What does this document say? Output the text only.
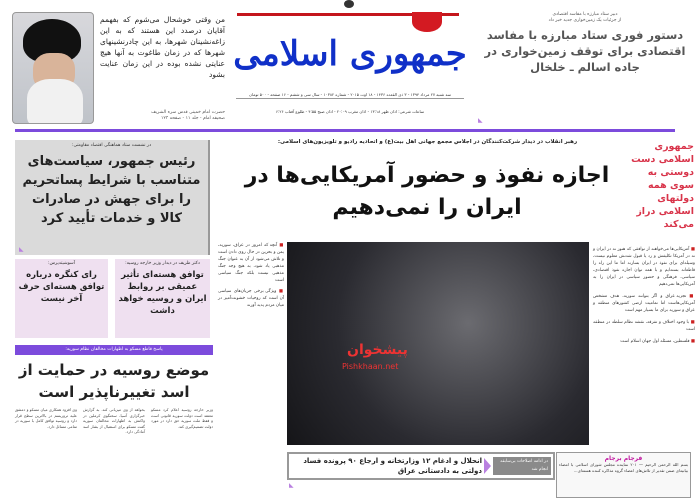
من وقتی خوشحال می‌شوم که بفهمم آقایان درصدد این هستند که به این زاغه‌نشینان شهرها، به این چادرنشینهای شهرها که در زمان طاغوت به آنها هیچ عنایتی نشده بوده در این زمان عنایت بشود
حضرت امام خمینی قدس سره الشریف
صحیفه امام - جلد ۱۱ - صفحه ۱۲۳
جمهوری اسلامی
سه شنبه ۲۷ مرداد ۱۳۹۴ - ۳ ذی القعده ۱۴۳۶ - ۱۸ اوت ۲۰۱۵ - شماره ۱۰۳۸۲ - سال سی و ششم - ۱۶ صفحه - ۵۰۰ تومان
ساعات شرعی: اذان ظهر ۱۳:۱۸ - اذان مغرب ۲۰:۰۹ - اذان صبح ۴:۵۵ - طلوع آفتاب ۶:۲۶
دبیر ستاد مبارزه با مفاسد اقتصادی
از جزئیات یک زمین‌خواری جدید خبر داد
دستور فوری ستاد مبارزه با مفاسد اقتصادی برای توقف زمین‌خواری در جاده اسالم ـ خلخال
در نشست ستاد هماهنگی اقتصاد مقاومتی:
رئیس جمهور، سیاست‌های متناسب با شرایط پساتحریم را برای جهش در صادرات کالا و خدمات تأیید کرد
دکتر ظریف در دیدار وزیر خارجه روسیه:
توافق هسته‌ای تأثیر عمیقی بر روابط ایران و روسیه خواهد داشت
آسوشیتدپرس:
رای کنگره درباره توافق هسته‌ای حرف آخر نیست
پاسخ قاطع مسکو به اظهارات مخالفان نظام سوریه:
موضع روسیه در حمایت از اسد تغییرناپذیر است
وزیر خارجه روسیه اعلام کرد مسکو معتقد است دولت سوریه قانونی است و فقط ملت سوریه حق دارد در مورد دولت تصمیم‌گیری کند.
بخواهد از وی میزبانی کند. به گزارش خبرگزاری آسیا، سخنگوی کرملین در واکنش به اظهارات مخالفان سوریه گفت مسکو برای استقبال از بشار اسد آمادگی دارد.
وی افزود همکاری میان مسکو و دمشق علیه تروریسم در بالاترین سطح قرار دارد و روسیه توافق کامل با سوریه در تمامی مسائل دارد.
رهبر انقلاب در دیدار شرکت‌کنندگان در اجلاس مجمع جهانی اهل بیت(ع) و اتحادیه رادیو و تلویزیون‌های اسلامی:
اجازه نفوذ و حضور آمریکایی‌ها در ایران را نمی‌دهیم
جمهوری اسلامی دست دوستی به سوی همه دولتهای اسلامی دراز می‌کند
پیشخوان
Pishkhaan.net

■ آنچه که امروز در عراق، سوریه، یمن و بحرین در حال روی دادن است و تلاش می‌شود از آن به عنوان جنگ مذهبی یاد شود، به هیچ وجه جنگ مذهبی نیست بلکه جنگ سیاسی است

■ ویژگی برخی جریان‌های سیاسی آن است که روحیات خشونت‌آمیز در میان مردم پدید آورند

■ آمریکایی‌ها می‌خواهند از توافقی که هنوز نه در ایران و نه در آمریکا تکلیفش و رد یا قبول شدنش معلوم نیست، وسیله‌ای برای نفوذ در ایران بسازند اما ما این راه را قاطعانه بسته‌ایم و با همه توان اجازه نفوذ اقتصادی، سیاسی، فرهنگی و حضور سیاسی در ایران را به آمریکایی‌ها نمی‌دهیم

■ تجزیه عراق و اگر بتوانند سوریه، هدف مشخص آمریکایی‌هاست اما تمامیت ارضی کشورهای منطقه و عراق و سوریه برای ما بسیار مهم است

■ با وجود اختلاف و تفرقه، نقشه نظام سلطه در منطقه است

■ فلسطین، مسئله اول جهان اسلام است

در ادامه اصلاحات بی‌سابقه انجام شد
انحلال و ادغام ۱۲ وزارتخانه و ارجاع ۹۰ پرونده فساد دولتی به دادستانی عراق
فرجام برجام
بسم الله الرحمن الرحیم — ۲۰۱ نماینده مجلس شورای اسلامی با امضاء بیانیه‌ای ضمن تقدیر از تلاش‌های اعضاء گروه مذاکره کننده هسته‌ای...
◣
◣
◣
